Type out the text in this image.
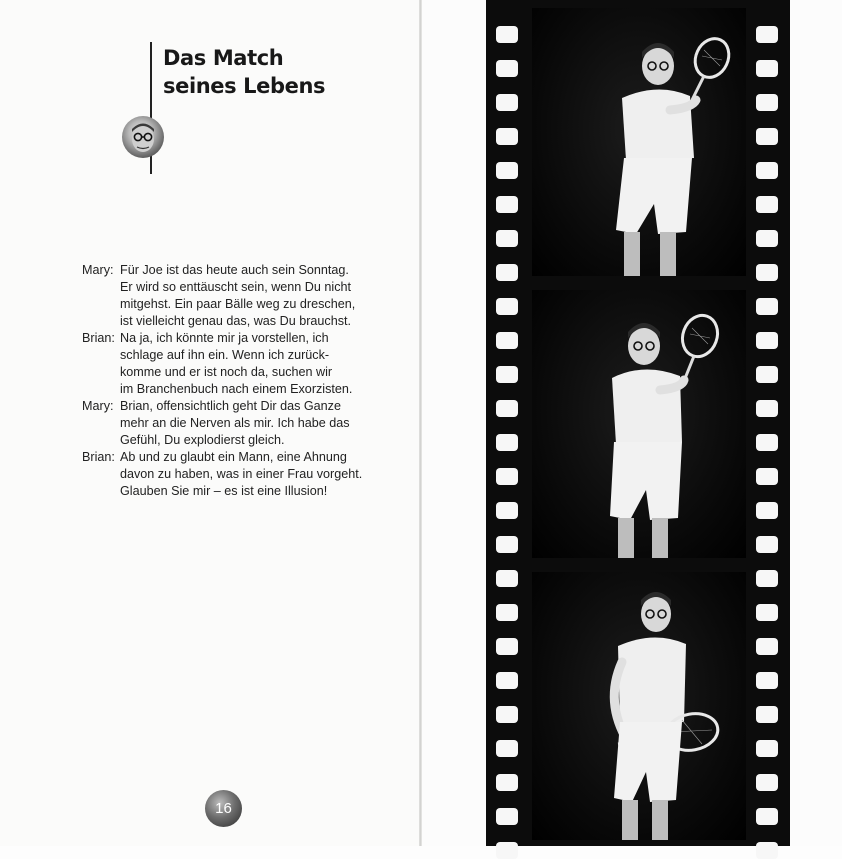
Das Match
seines Lebens
Mary: Für Joe ist das heute auch sein Sonntag.
Er wird so enttäuscht sein, wenn Du nicht
mitgehst. Ein paar Bälle weg zu dreschen,
ist vielleicht genau das, was Du brauchst.
Brian: Na ja, ich könnte mir ja vorstellen, ich
schlage auf ihn ein. Wenn ich zurück-
komme und er ist noch da, suchen wir
im Branchenbuch nach einem Exorzisten.
Mary: Brian, offensichtlich geht Dir das Ganze
mehr an die Nerven als mir. Ich habe das
Gefühl, Du explodierst gleich.
Brian: Ab und zu glaubt ein Mann, eine Ahnung
davon zu haben, was in einer Frau vorgeht.
Glauben Sie mir – es ist eine Illusion!
16
